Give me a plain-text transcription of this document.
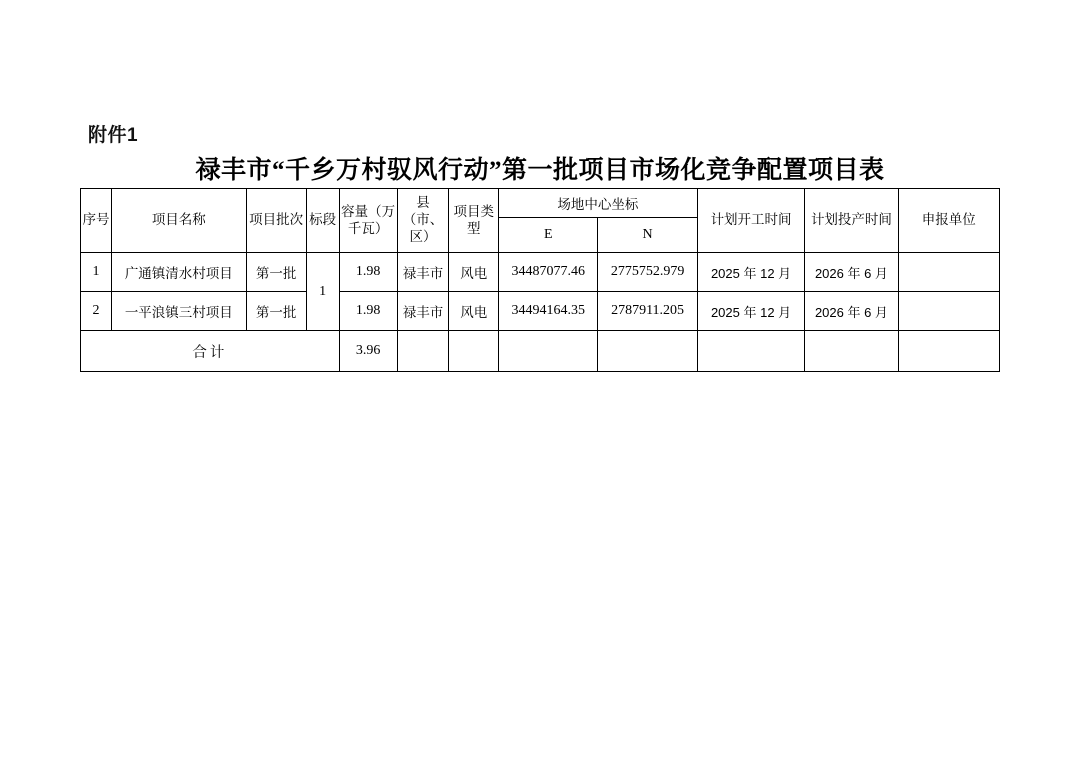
附件1
禄丰市“千乡万村驭风行动”第一批项目市场化竞争配置项目表
序号	项目名称	项目批次	标段	容量（万千瓦）	县（市、区）	项目类型	场地中心坐标		计划开工时间	计划投产时间	申报单位
							E	N			
1	广通镇清水村项目	第一批	1	1.98	禄丰市	风电	34487077.46	2775752.979	2025 年 12 月	2026 年 6 月	
2	一平浪镇三村项目	第一批		1.98	禄丰市	风电	34494164.35	2787911.205	2025 年 12 月	2026 年 6 月	
合计				3.96							
